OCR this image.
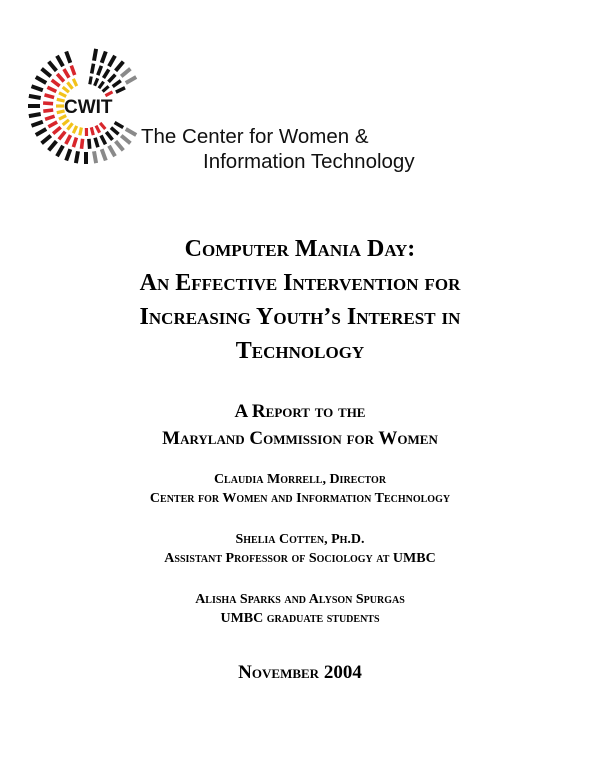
CWIT
The Center for Women &
Information Technology
Computer Mania Day:
An Effective Intervention for
Increasing Youth’s Interest in
Technology
A Report to the
Maryland Commission for Women
Claudia Morrell, Director
Center for Women and Information Technology
Shelia Cotten, Ph.D.
Assistant Professor of Sociology at UMBC
Alisha Sparks and Alyson Spurgas
UMBC graduate students
November 2004
